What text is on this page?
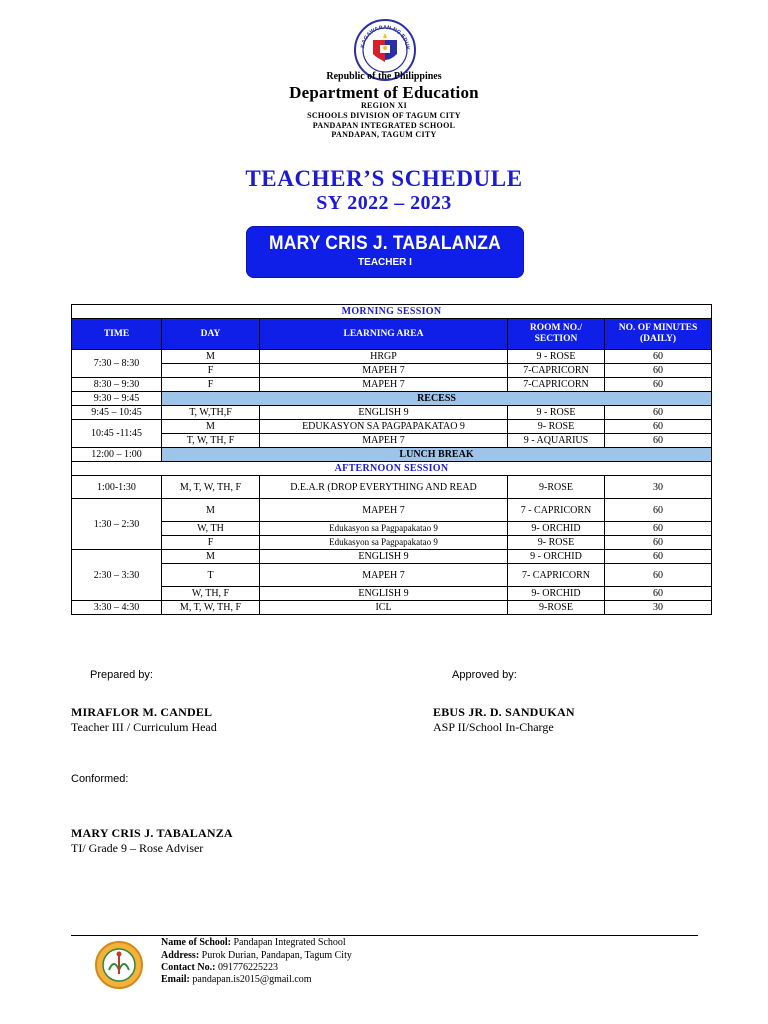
KAGAWARAN NG EDUK
Republic of the Philippines
Department of Education
REGION XI
SCHOOLS DIVISION OF TAGUM CITY
PANDAPAN INTEGRATED SCHOOL
PANDAPAN, TAGUM CITY
TEACHER’S SCHEDULE
SY 2022 – 2023
MARY CRIS J. TABALANZA
TEACHER I
MORNING SESSION				
TIME	DAY	LEARNING AREA	ROOM NO./ SECTION	NO. OF MINUTES (DAILY)
7:30 – 8:30	M	HRGP	9 - ROSE	60
	F	MAPEH 7	7-CAPRICORN	60
8:30 – 9:30	F	MAPEH 7	7-CAPRICORN	60
9:30 – 9:45	RECESS			
9:45 – 10:45	T, W,TH,F	ENGLISH 9	9 - ROSE	60
10:45 -11:45	M	EDUKASYON SA PAGPAPAKATAO 9	9- ROSE	60
	T, W, TH, F	MAPEH 7	9 - AQUARIUS	60
12:00 – 1:00	LUNCH BREAK			
AFTERNOON SESSION				
1:00-1:30	M, T, W, TH, F	D.E.A.R (DROP EVERYTHING AND READ	9-ROSE	30
1:30 – 2:30	M	MAPEH 7	7 - CAPRICORN	60
	W, TH	Edukasyon sa Pagpapakatao 9	9- ORCHID	60
	F	Edukasyon sa Pagpapakatao 9	9- ROSE	60
2:30 – 3:30	M	ENGLISH 9	9 - ORCHID	60
	T	MAPEH 7	7- CAPRICORN	60
	W, TH, F	ENGLISH 9	9- ORCHID	60
3:30 – 4:30	M, T, W, TH, F	ICL	9-ROSE	30
Prepared by:	Approved by:
MIRAFLOR M. CANDEL
Teacher III / Curriculum Head
EBUS JR. D. SANDUKAN
ASP II/School In-Charge
Conformed:
MARY CRIS J. TABALANZA
TI/ Grade 9 – Rose Adviser
Name of School: Pandapan Integrated School
Address: Purok Durian, Pandapan, Tagum City
Contact No.: 091776225223
Email: pandapan.is2015@gmail.com
